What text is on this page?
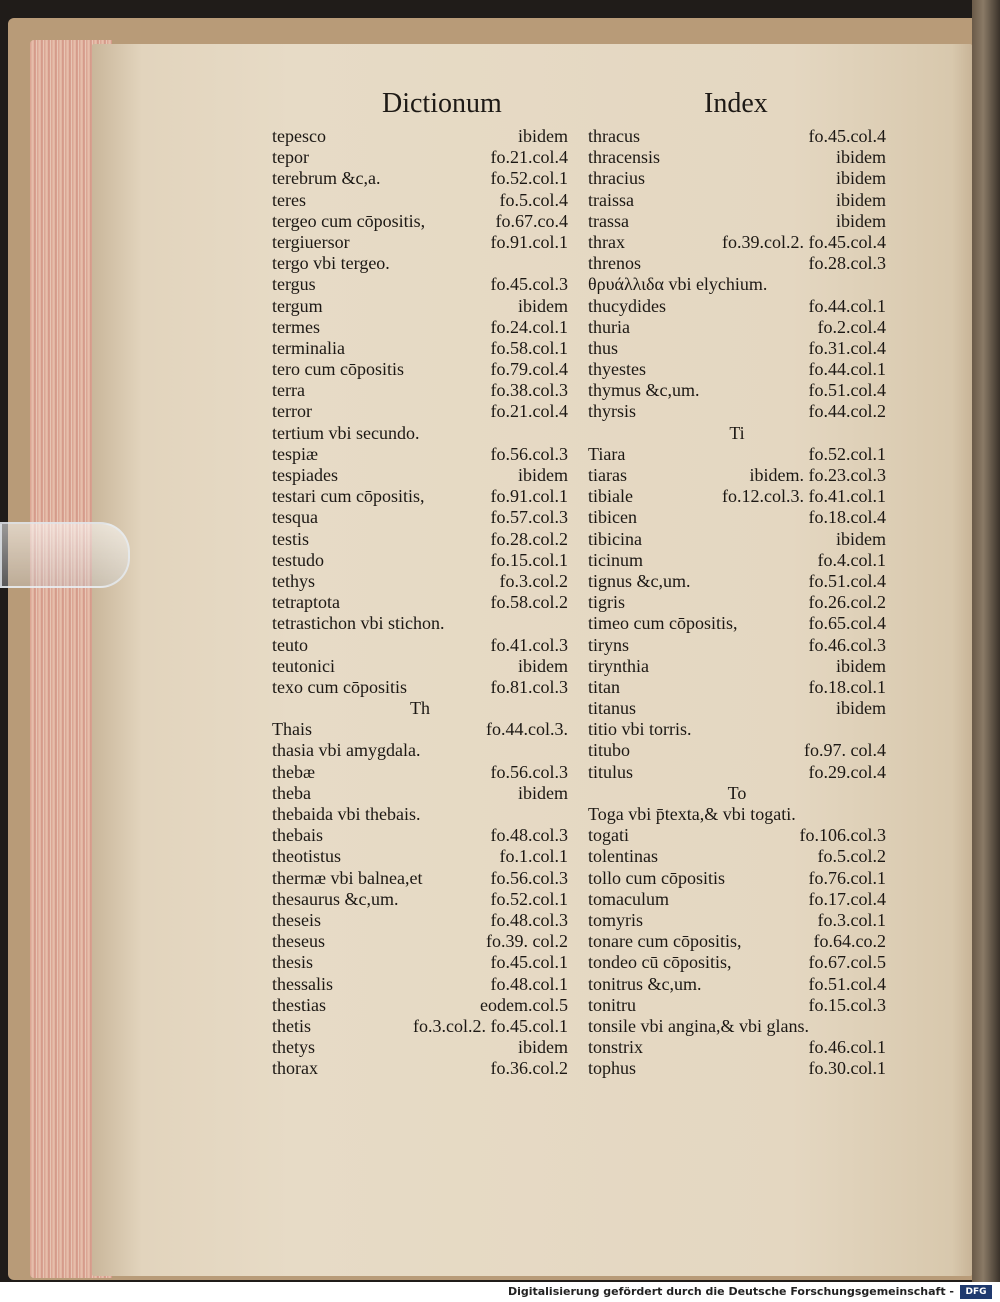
Dictionum	Index
tepesco	ibidem
tepor	fo.21.col.4
terebrum &c,a.	fo.52.col.1
teres	fo.5.col.4
tergeo cum cōpositis,	fo.67.co.4
tergiuersor	fo.91.col.1
tergo vbi tergeo.
tergus	fo.45.col.3
tergum	ibidem
termes	fo.24.col.1
terminalia	fo.58.col.1
tero cum cōpositis	fo.79.col.4
terra	fo.38.col.3
terror	fo.21.col.4
tertium vbi secundo.
tespiæ	fo.56.col.3
tespiades	ibidem
testari cum cōpositis,	fo.91.col.1
tesqua	fo.57.col.3
testis	fo.28.col.2
testudo	fo.15.col.1
tethys	fo.3.col.2
tetraptota	fo.58.col.2
tetrastichon vbi stichon.
teuto	fo.41.col.3
teutonici	ibidem
texo cum cōpositis	fo.81.col.3
Th
Thais	fo.44.col.3.
thasia vbi amygdala.
thebæ	fo.56.col.3
theba	ibidem
thebaida vbi thebais.
thebais	fo.48.col.3
theotistus	fo.1.col.1
thermæ vbi balnea,et	fo.56.col.3
thesaurus &c,um.	fo.52.col.1
theseis	fo.48.col.3
theseus	fo.39. col.2
thesis	fo.45.col.1
thessalis	fo.48.col.1
thestias	eodem.col.5
thetis	fo.3.col.2. fo.45.col.1
thetys	ibidem
thorax	fo.36.col.2
thracus	fo.45.col.4
thracensis	ibidem
thracius	ibidem
traissa	ibidem
trassa	ibidem
thrax	fo.39.col.2. fo.45.col.4
threnos	fo.28.col.3
θρυάλλιδα vbi elychium.
thucydides	fo.44.col.1
thuria	fo.2.col.4
thus	fo.31.col.4
thyestes	fo.44.col.1
thymus &c,um.	fo.51.col.4
thyrsis	fo.44.col.2
Ti
Tiara	fo.52.col.1
tiaras	ibidem. fo.23.col.3
tibiale	fo.12.col.3. fo.41.col.1
tibicen	fo.18.col.4
tibicina	ibidem
ticinum	fo.4.col.1
tignus &c,um.	fo.51.col.4
tigris	fo.26.col.2
timeo cum cōpositis,	fo.65.col.4
tiryns	fo.46.col.3
tirynthia	ibidem
titan	fo.18.col.1
titanus	ibidem
titio vbi torris.
titubo	fo.97. col.4
titulus	fo.29.col.4
To
Toga vbi p̄texta,& vbi togati.
togati	fo.106.col.3
tolentinas	fo.5.col.2
tollo cum cōpositis	fo.76.col.1
tomaculum	fo.17.col.4
tomyris	fo.3.col.1
tonare cum cōpositis,	fo.64.co.2
tondeo cū cōpositis,	fo.67.col.5
tonitrus &c,um.	fo.51.col.4
tonitru	fo.15.col.3
tonsile vbi angina,& vbi glans.
tonstrix	fo.46.col.1
tophus	fo.30.col.1
Digitalisierung gefördert durch die Deutsche Forschungsgemeinschaft -	DFG
